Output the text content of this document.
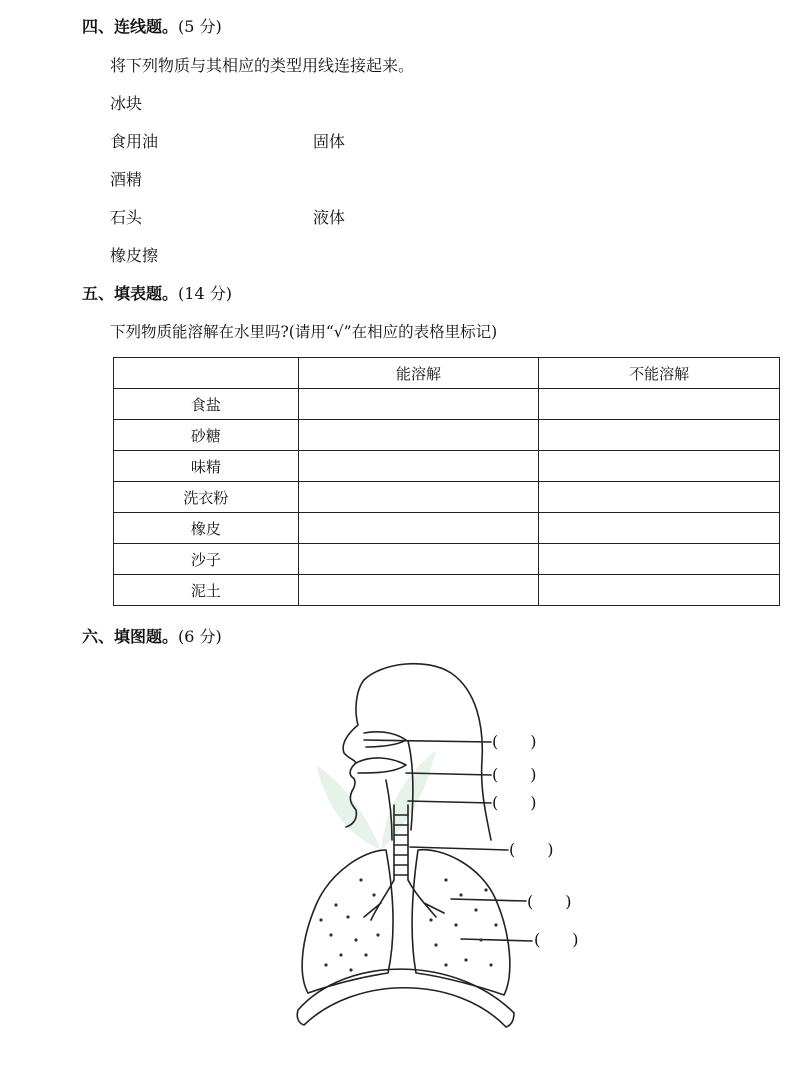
四、连线题。(5 分)
将下列物质与其相应的类型用线连接起来。
冰块
食用油
酒精
石头
橡皮擦
固体
液体
五、填表题。(14 分)
下列物质能溶解在水里吗?(请用“√”在相应的表格里标记)
	能溶解	不能溶解
食盐		
砂糖		
味精		
洗衣粉		
橡皮		
沙子		
泥土		
六、填图题。(6 分)
( )
( )
( )
( )
( )
( )
